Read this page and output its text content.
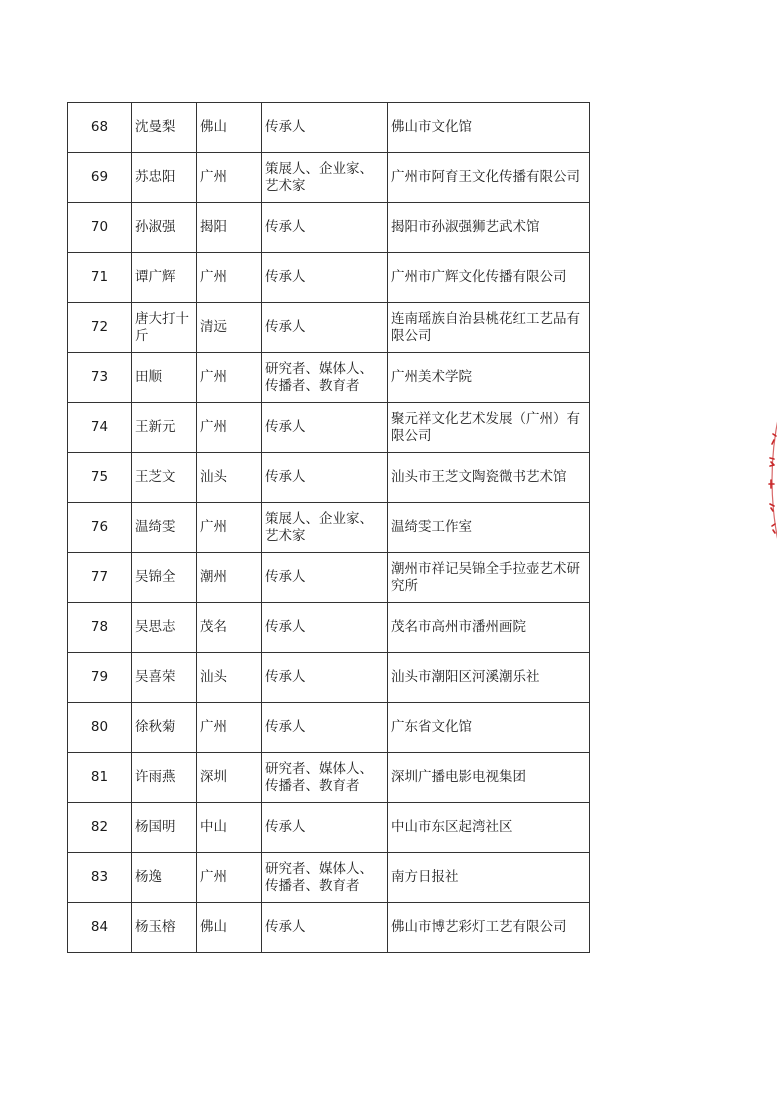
68	沈曼梨	佛山	传承人	佛山市文化馆
69	苏忠阳	广州	策展人、企业家、艺术家	广州市阿育王文化传播有限公司
70	孙淑强	揭阳	传承人	揭阳市孙淑强狮艺武术馆
71	谭广辉	广州	传承人	广州市广辉文化传播有限公司
72	唐大打十斤	清远	传承人	连南瑶族自治县桃花红工艺品有限公司
73	田顺	广州	研究者、媒体人、传播者、教育者	广州美术学院
74	王新元	广州	传承人	聚元祥文化艺术发展（广州）有限公司
75	王芝文	汕头	传承人	汕头市王芝文陶瓷微书艺术馆
76	温绮雯	广州	策展人、企业家、艺术家	温绮雯工作室
77	吴锦全	潮州	传承人	潮州市祥记吴锦全手拉壶艺术研究所
78	吴思志	茂名	传承人	茂名市高州市潘州画院
79	吴喜荣	汕头	传承人	汕头市潮阳区河溪潮乐社
80	徐秋菊	广州	传承人	广东省文化馆
81	许雨燕	深圳	研究者、媒体人、传播者、教育者	深圳广播电影电视集团
82	杨国明	中山	传承人	中山市东区起湾社区
83	杨逸	广州	研究者、媒体人、传播者、教育者	南方日报社
84	杨玉榕	佛山	传承人	佛山市博艺彩灯工艺有限公司
